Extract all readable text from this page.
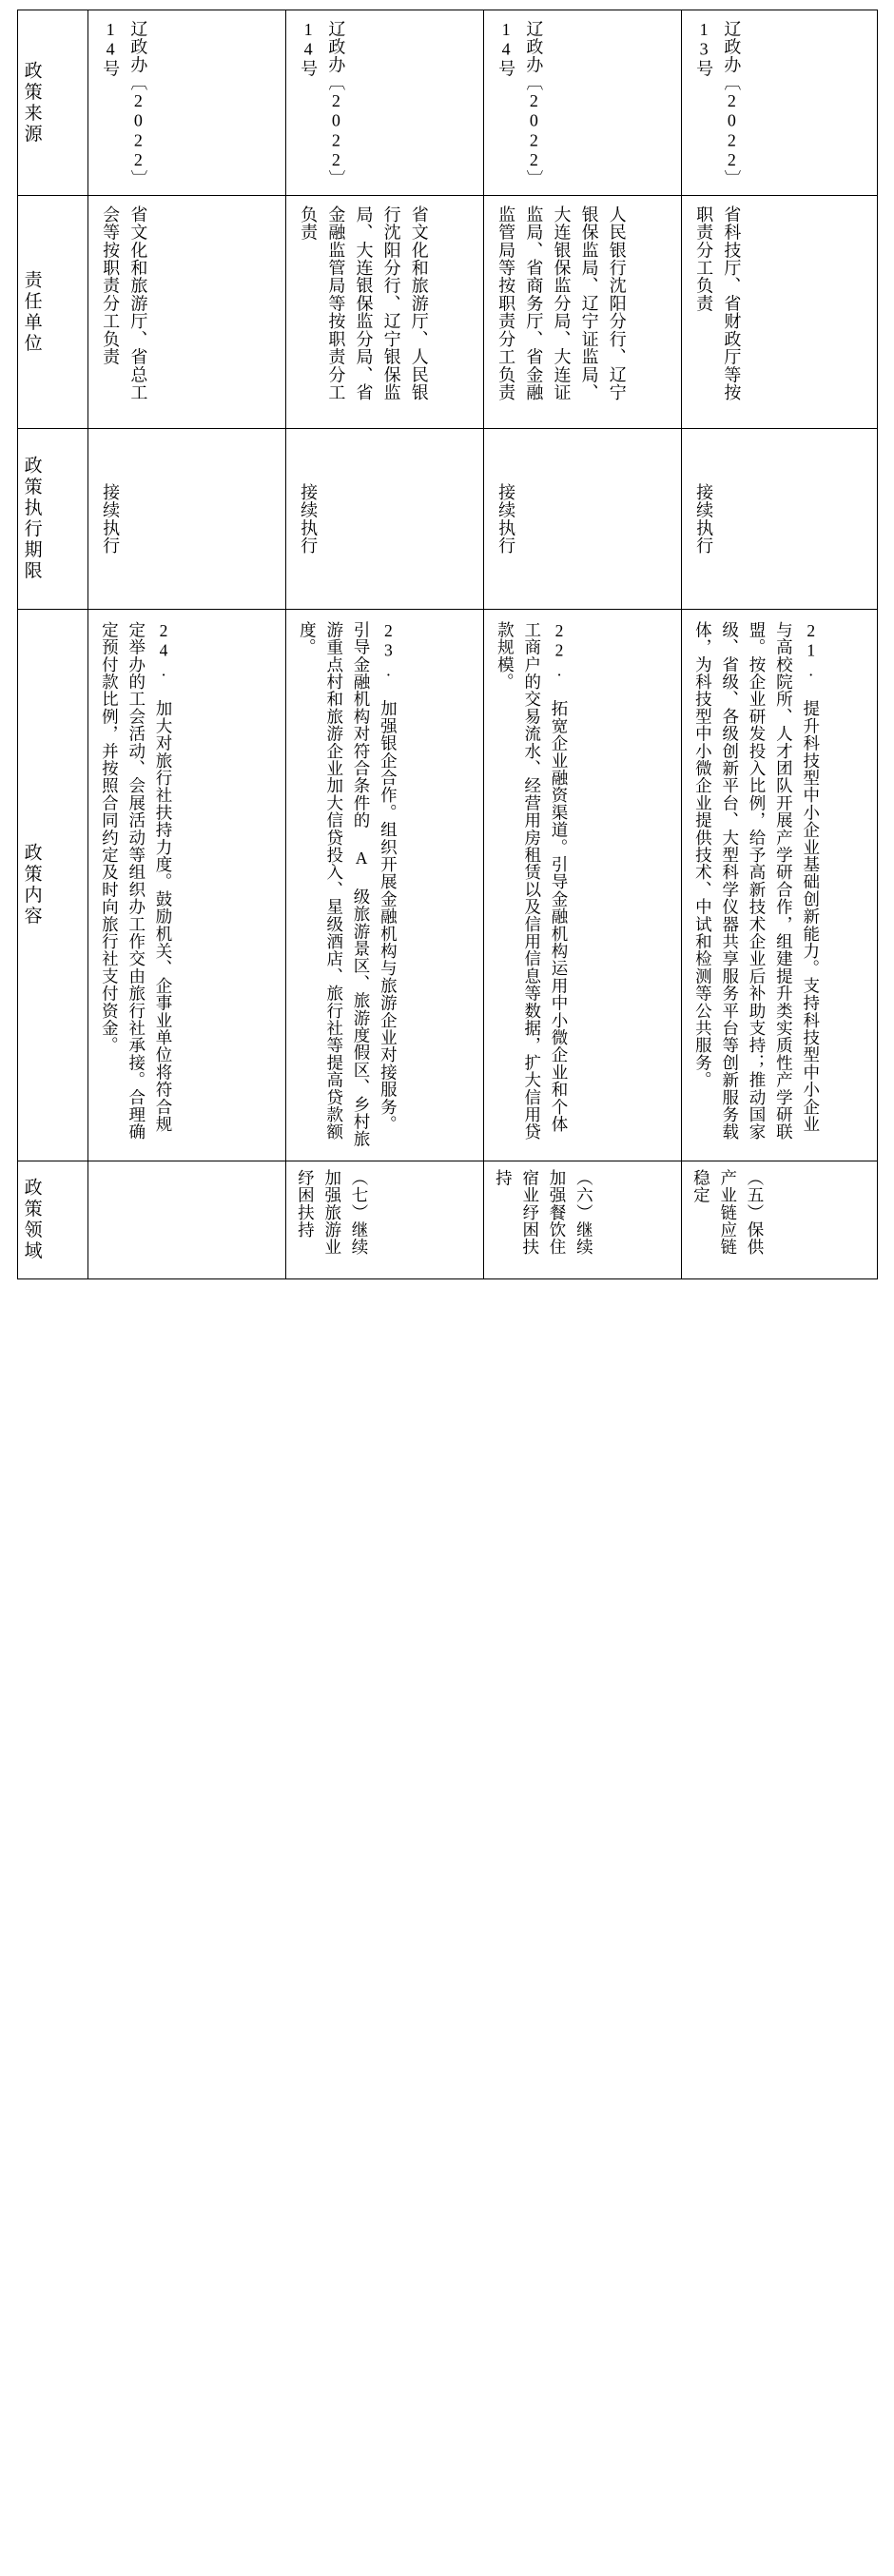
政策来源	辽政办〔2022〕14号	辽政办〔2022〕14号	辽政办〔2022〕14号	辽政办〔2022〕13号

责任单位	省文化和旅游厅、省总工会等按职责分工负责	省文化和旅游厅、人民银行沈阳分行、辽宁银保监局、大连银保监分局、省金融监管局等按职责分工负责	人民银行沈阳分行、辽宁银保监局、辽宁证监局、大连银保监分局、大连证监局、省商务厅、省金融监管局等按职责分工负责	省科技厅、省财政厅等按职责分工负责

政策执行期限	接续执行	接续执行	接续执行	接续执行

政策内容	24. 加大对旅行社扶持力度。鼓励机关、企事业单位将符合规定举办的工会活动、会展活动等组织办工作交由旅行社承接。合理确定预付款比例，并按照合同约定及时向旅行社支付资金。	23. 加强银企合作。组织开展金融机构与旅游企业对接服务。引导金融机构对符合条件的 A 级旅游景区、旅游度假区、乡村旅游重点村和旅游企业加大信贷投入、星级酒店、旅行社等提高贷款额度。	22. 拓宽企业融资渠道。引导金融机构运用中小微企业和个体工商户的交易流水、经营用房租赁以及信用信息等数据，扩大信用贷款规模。	21. 提升科技型中小企业基础创新能力。支持科技型中小企业与高校院所、人才团队开展产学研合作，组建提升类实质性产学研联盟。按企业研发投入比例，给予高新技术企业后补助支持；推动国家级、省级、各级创新平台、大型科学仪器共享服务平台等创新服务载体，为科技型中小微企业提供技术、中试和检测等公共服务。

政策领域		（七）继续加强旅游业纾困扶持	（六）继续加强餐饮住宿业纾困扶持	（五）保供产业链应链稳定
